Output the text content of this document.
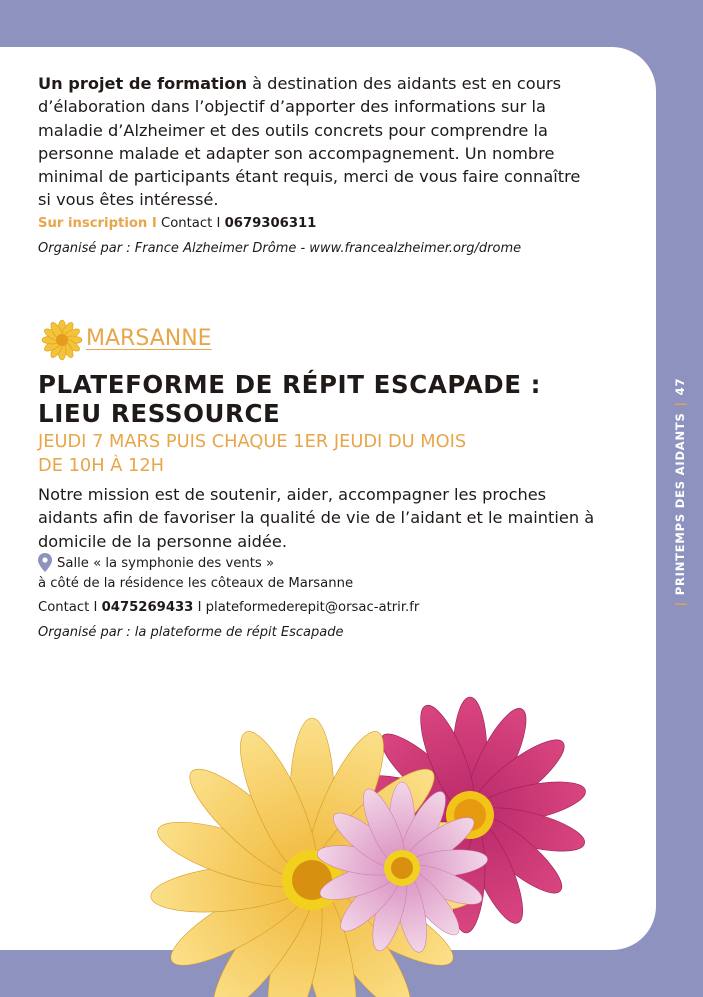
Un projet de formation à destination des aidants est en cours d’élaboration dans l’objectif d’apporter des informations sur la maladie d’Alzheimer et des outils concrets pour comprendre la personne malade et adapter son accompagnement. Un nombre minimal de participants étant requis, merci de vous faire connaître si vous êtes intéressé.

Sur inscription I Contact I 0679306311
Organisé par : France Alzheimer Drôme - www.francealzheimer.org/drome
MARSANNE
PLATEFORME DE RÉPIT ESCAPADE :
LIEU RESSOURCE

JEUDI 7 MARS PUIS CHAQUE 1ER JEUDI DU MOIS
DE 10H À 12H

Notre mission est de soutenir, aider, accompagner les proches aidants afin de favoriser la qualité de vie de l’aidant et le maintien à domicile de la personne aidée.

Salle « la symphonie des vents »
à côté de la résidence les côteaux de Marsanne
Contact I 0475269433 I plateformederepit@orsac-atrir.fr
Organisé par : la plateforme de répit Escapade
|PRINTEMPS DES AIDANTS|47
